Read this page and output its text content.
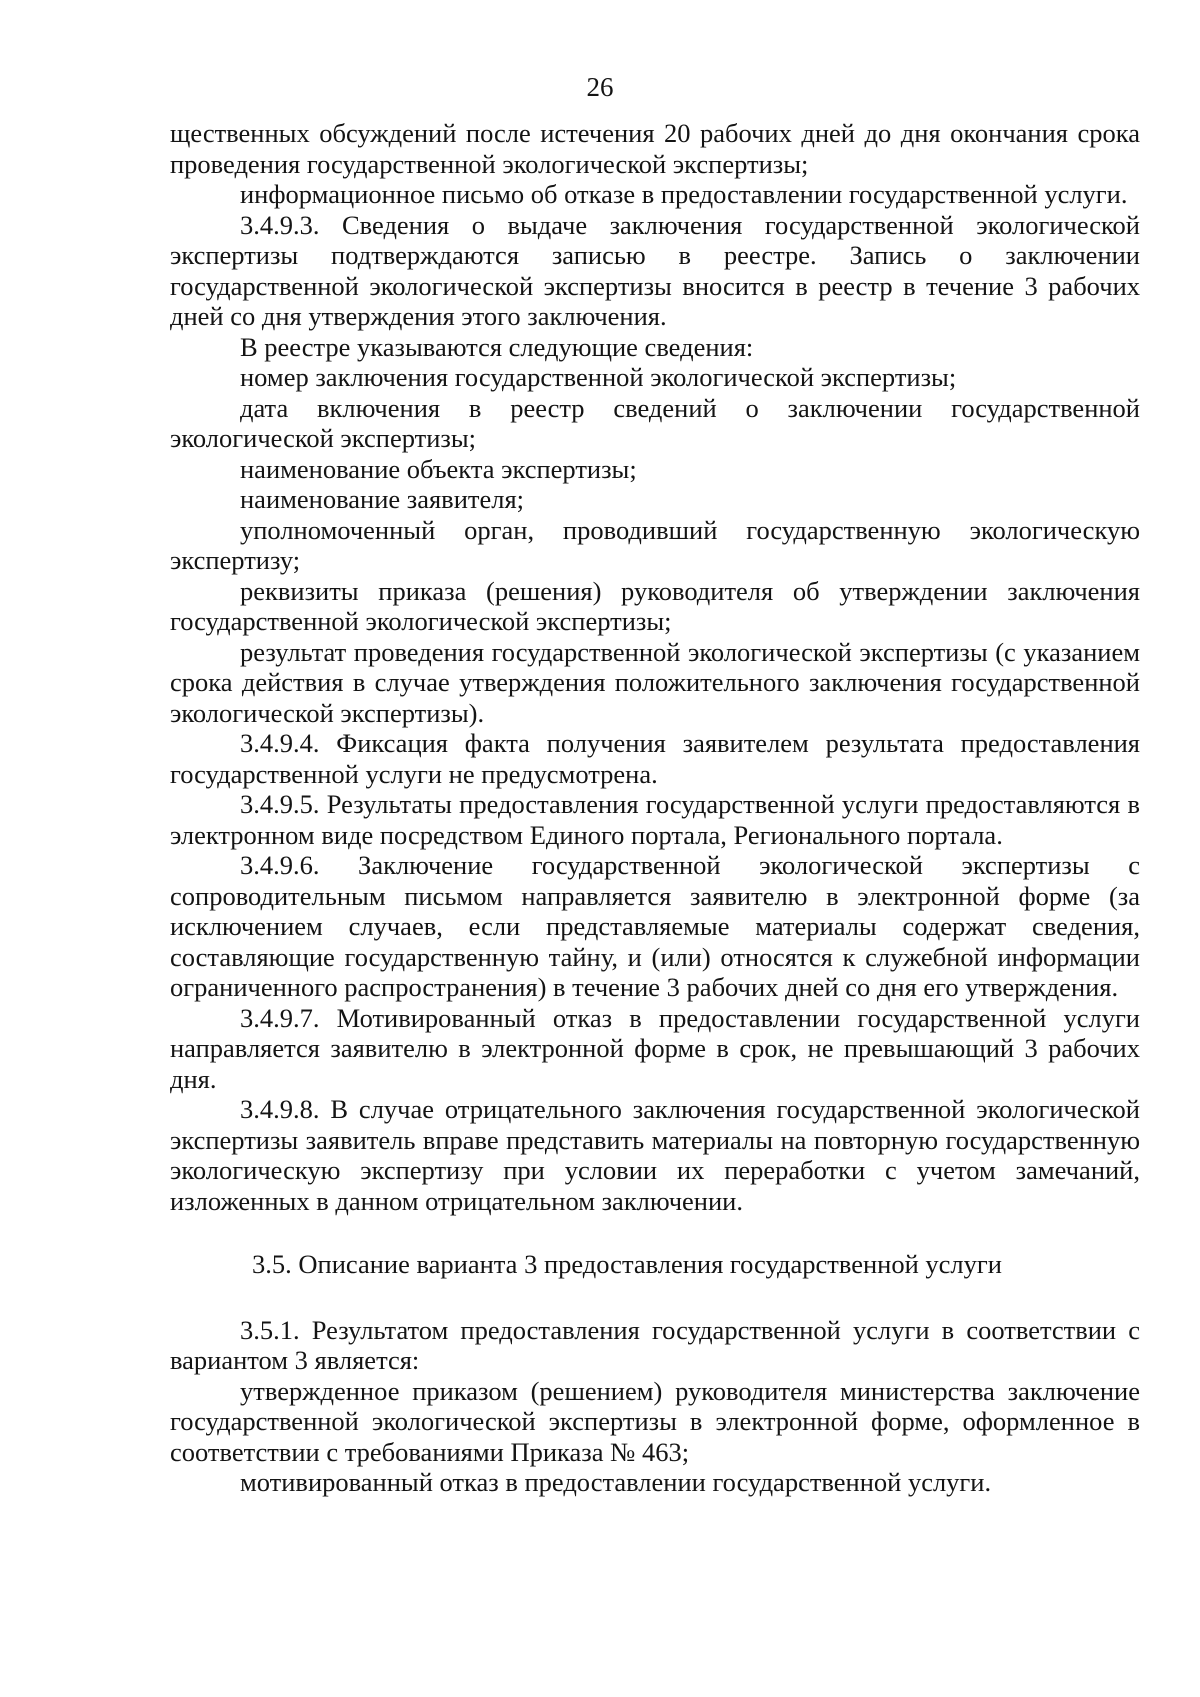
26

щественных обсуждений после истечения 20 рабочих дней до дня окончания срока проведения государственной экологической экспертизы;

информационное письмо об отказе в предоставлении государственной услуги.

3.4.9.3. Сведения о выдаче заключения государственной экологической экспертизы подтверждаются записью в реестре. Запись о заключении государственной экологической экспертизы вносится в реестр в течение 3 рабочих дней со дня утверждения этого заключения.

В реестре указываются следующие сведения:

номер заключения государственной экологической экспертизы;

дата включения в реестр сведений о заключении государственной экологической экспертизы;

наименование объекта экспертизы;

наименование заявителя;

уполномоченный орган, проводивший государственную экологическую экспертизу;

реквизиты приказа (решения) руководителя об утверждении заключения государственной экологической экспертизы;

результат проведения государственной экологической экспертизы (с указанием срока действия в случае утверждения положительного заключения государственной экологической экспертизы).

3.4.9.4. Фиксация факта получения заявителем результата предоставления государственной услуги не предусмотрена.

3.4.9.5. Результаты предоставления государственной услуги предоставляются в электронном виде посредством Единого портала, Регионального портала.

3.4.9.6. Заключение государственной экологической экспертизы с сопроводительным письмом направляется заявителю в электронной форме (за исключением случаев, если представляемые материалы содержат сведения, составляющие государственную тайну, и (или) относятся к служебной информации ограниченного распространения) в течение 3 рабочих дней со дня его утверждения.

3.4.9.7. Мотивированный отказ в предоставлении государственной услуги направляется заявителю в электронной форме в срок, не превышающий 3 рабочих дня.

3.4.9.8. В случае отрицательного заключения государственной экологической экспертизы заявитель вправе представить материалы на повторную государственную экологическую экспертизу при условии их переработки с учетом замечаний, изложенных в данном отрицательном заключении.

3.5. Описание варианта 3 предоставления государственной услуги

3.5.1. Результатом предоставления государственной услуги в соответствии с вариантом 3 является:

утвержденное приказом (решением) руководителя министерства заключение государственной экологической экспертизы в электронной форме, оформленное в соответствии с требованиями Приказа № 463;

мотивированный отказ в предоставлении государственной услуги.
